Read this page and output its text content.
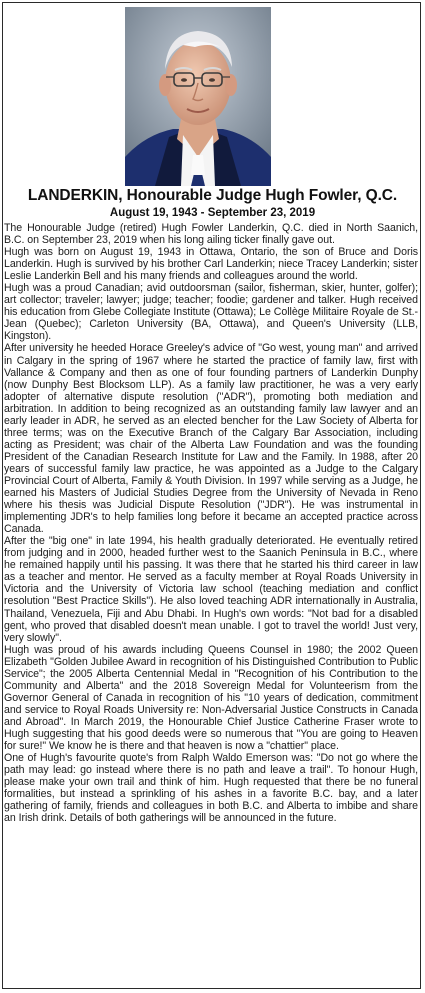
LANDERKIN, Honourable Judge Hugh Fowler, Q.C.
August 19, 1943 - September 23, 2019

The Honourable Judge (retired) Hugh Fowler Landerkin, Q.C. died in North Saanich, B.C. on September 23, 2019 when his long ailing ticker finally gave out.

Hugh was born on August 19, 1943 in Ottawa, Ontario, the son of Bruce and Doris Landerkin. Hugh is survived by his brother Carl Landerkin; niece Tracey Landerkin; sister Leslie Landerkin Bell and his many friends and colleagues around the world.

Hugh was a proud Canadian; avid outdoorsman (sailor, fisherman, skier, hunter, golfer); art collector; traveler; lawyer; judge; teacher; foodie; gardener and talker. Hugh received his education from Glebe Collegiate Institute (Ottawa); Le Collège Militaire Royale de St.-Jean (Quebec); Carleton University (BA, Ottawa), and Queen's University (LLB, Kingston).

After university he heeded Horace Greeley's advice of "Go west, young man" and arrived in Calgary in the spring of 1967 where he started the practice of family law, first with Vallance & Company and then as one of four founding partners of Landerkin Dunphy (now Dunphy Best Blocksom LLP). As a family law practitioner, he was a very early adopter of alternative dispute resolution ("ADR"), promoting both mediation and arbitration. In addition to being recognized as an outstanding family law lawyer and an early leader in ADR, he served as an elected bencher for the Law Society of Alberta for three terms; was on the Executive Branch of the Calgary Bar Association, including acting as President; was chair of the Alberta Law Foundation and was the founding President of the Canadian Research Institute for Law and the Family. In 1988, after 20 years of successful family law practice, he was appointed as a Judge to the Calgary Provincial Court of Alberta, Family & Youth Division. In 1997 while serving as a Judge, he earned his Masters of Judicial Studies Degree from the University of Nevada in Reno where his thesis was Judicial Dispute Resolution ("JDR"). He was instrumental in implementing JDR's to help families long before it became an accepted practice across Canada.

After the "big one" in late 1994, his health gradually deteriorated. He eventually retired from judging and in 2000, headed further west to the Saanich Peninsula in B.C., where he remained happily until his passing. It was there that he started his third career in law as a teacher and mentor. He served as a faculty member at Royal Roads University in Victoria and the University of Victoria law school (teaching mediation and conflict resolution "Best Practice Skills"). He also loved teaching ADR internationally in Australia, Thailand, Venezuela, Fiji and Abu Dhabi. In Hugh's own words: "Not bad for a disabled gent, who proved that disabled doesn't mean unable. I got to travel the world! Just very, very slowly".

Hugh was proud of his awards including Queens Counsel in 1980; the 2002 Queen Elizabeth "Golden Jubilee Award in recognition of his Distinguished Contribution to Public Service"; the 2005 Alberta Centennial Medal in "Recognition of his Contribution to the Community and Alberta" and the 2018 Sovereign Medal for Volunteerism from the Governor General of Canada in recognition of his "10 years of dedication, commitment and service to Royal Roads University re: Non-Adversarial Justice Constructs in Canada and Abroad". In March 2019, the Honourable Chief Justice Catherine Fraser wrote to Hugh suggesting that his good deeds were so numerous that "You are going to Heaven for sure!" We know he is there and that heaven is now a "chattier" place.

One of Hugh's favourite quote's from Ralph Waldo Emerson was: "Do not go where the path may lead: go instead where there is no path and leave a trail". To honour Hugh, please make your own trail and think of him. Hugh requested that there be no funeral formalities, but instead a sprinkling of his ashes in a favorite B.C. bay, and a later gathering of family, friends and colleagues in both B.C. and Alberta to imbibe and share an Irish drink. Details of both gatherings will be announced in the future.
